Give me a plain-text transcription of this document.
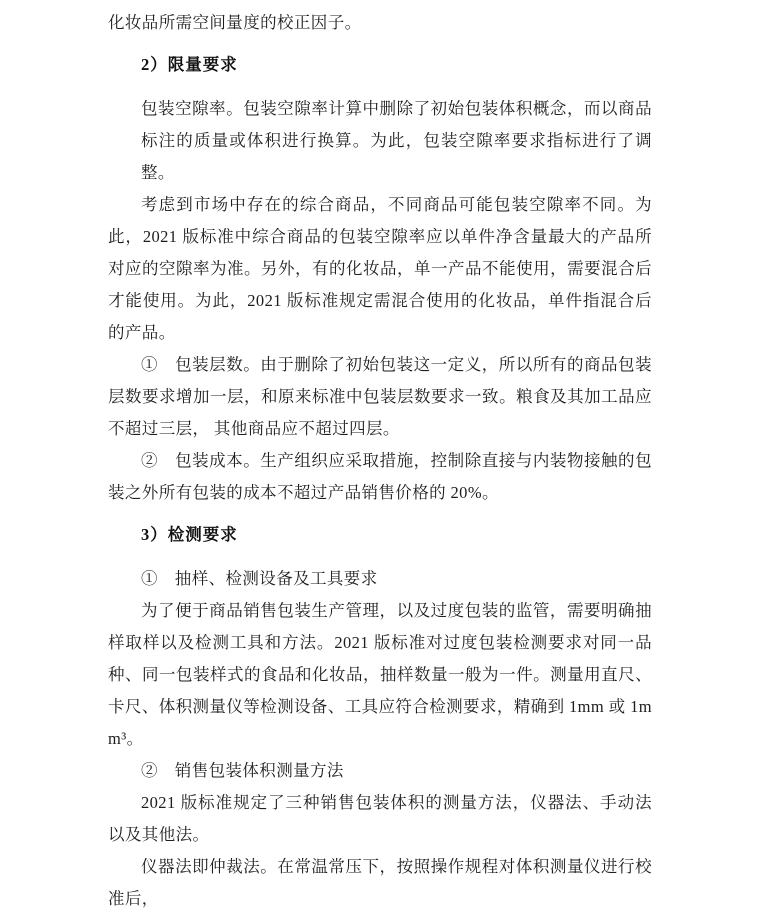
化妆品所需空间量度的校正因子。

2）限量要求

包装空隙率。包装空隙率计算中删除了初始包装体积概念，而以商品标注的质量或体积进行换算。为此，包装空隙率要求指标进行了调整。

考虑到市场中存在的综合商品，不同商品可能包装空隙率不同。为此，2021 版标准中综合商品的包装空隙率应以单件净含量最大的产品所对应的空隙率为准。另外，有的化妆品，单一产品不能使用，需要混合后才能使用。为此，2021 版标准规定需混合使用的化妆品，单件指混合后的产品。

①　包装层数。由于删除了初始包装这一定义，所以所有的商品包装层数要求增加一层，和原来标准中包装层数要求一致。粮食及其加工品应不超过三层， 其他商品应不超过四层。

②　包装成本。生产组织应采取措施，控制除直接与内装物接触的包装之外所有包装的成本不超过产品销售价格的 20%。

3）检测要求

①　抽样、检测设备及工具要求

为了便于商品销售包装生产管理，以及过度包装的监管，需要明确抽样取样以及检测工具和方法。2021 版标准对过度包装检测要求对同一品种、同一包装样式的食品和化妆品，抽样数量一般为一件。测量用直尺、卡尺、体积测量仪等检测设备、工具应符合检测要求，精确到 1mm 或 1mm³。

②　销售包装体积测量方法

2021 版标准规定了三种销售包装体积的测量方法，仪器法、手动法以及其他法。

仪器法即仲裁法。在常温常压下，按照操作规程对体积测量仪进行校准后，
